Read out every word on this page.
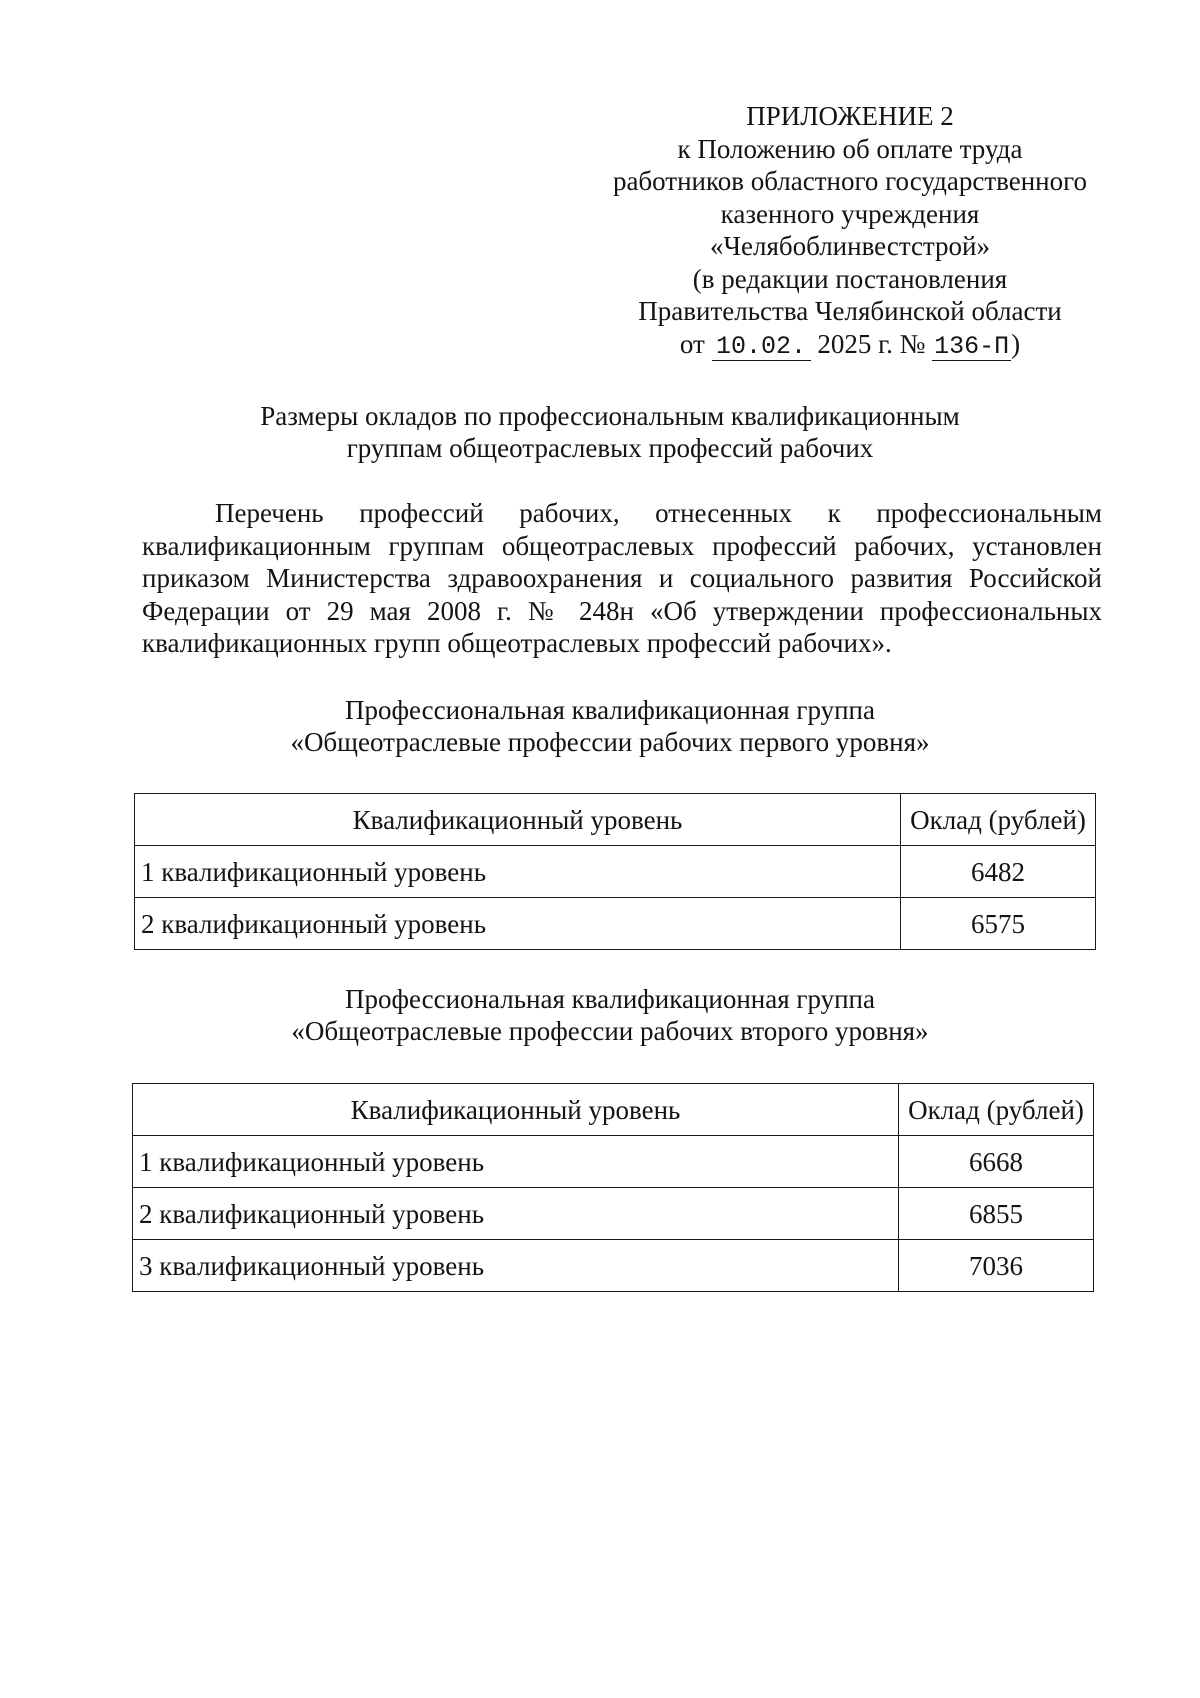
ПРИЛОЖЕНИЕ 2
к Положению об оплате труда
работников областного государственного
казенного учреждения
«Челябоблинвестстрой»
(в редакции постановления
Правительства Челябинской области
от 10.02. 2025 г. № 136-П)
Размеры окладов по профессиональным квалификационным
группам общеотраслевых профессий рабочих
Перечень профессий рабочих, отнесенных к профессиональным квалификационным группам общеотраслевых профессий рабочих, установлен приказом Министерства здравоохранения и социального развития Российской Федерации от 29 мая 2008 г. № 248н «Об утверждении профессиональных квалификационных групп общеотраслевых профессий рабочих».
Профессиональная квалификационная группа
«Общеотраслевые профессии рабочих первого уровня»
Квалификационный уровень	Оклад (рублей)
1 квалификационный уровень	6482
2 квалификационный уровень	6575
Профессиональная квалификационная группа
«Общеотраслевые профессии рабочих второго уровня»
Квалификационный уровень	Оклад (рублей)
1 квалификационный уровень	6668
2 квалификационный уровень	6855
3 квалификационный уровень	7036
